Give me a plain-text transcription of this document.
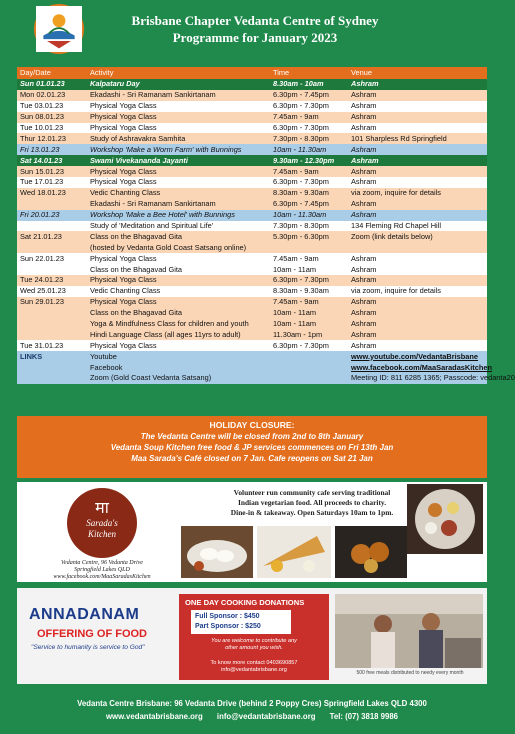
Brisbane Chapter Vedanta Centre of Sydney
Programme for January 2023
Day/Date	Activity	Time	Venue
Sun 01.01.23	Kalpataru Day	8.30am - 10am	Ashram
Mon 02.01.23	Ekadashi - Sri Ramanam Sankirtanam	6.30pm - 7.45pm	Ashram
Tue 03.01.23	Physical Yoga Class	6.30pm - 7.30pm	Ashram
Sun 08.01.23	Physical Yoga Class	7.45am - 9am	Ashram
Tue 10.01.23	Physical Yoga Class	6.30pm - 7.30pm	Ashram
Thur 12.01.23	Study of Ashravakra Samhita	7.30pm - 8.30pm	101 Sharpless Rd Springfield
Fri 13.01.23	Workshop 'Make a Worm Farm' with Bunnings	10am - 11.30am	Ashram
Sat 14.01.23	Swami Vivekananda Jayanti	9.30am - 12.30pm	Ashram
Sun 15.01.23	Physical Yoga Class	7.45am - 9am	Ashram
Tue 17.01.23	Physical Yoga Class	6.30pm - 7.30pm	Ashram
Wed 18.01.23	Vedic Chanting Class	8.30am - 9.30am	via zoom, inquire for details
	Ekadashi - Sri Ramanam Sankirtanam	6.30pm - 7.45pm	Ashram
Fri 20.01.23	Workshop 'Make a Bee Hotel' with Bunnings	10am - 11.30am	Ashram
	Study of 'Meditation and Spiritual Life'	7.30pm - 8.30pm	134 Fleming Rd Chapel Hill
Sat 21.01.23	Class on the Bhagavad Gita	5.30pm - 6.30pm	Zoom (link details below)
	(hosted by Vedanta Gold Coast Satsang online)		
Sun 22.01.23	Physical Yoga Class	7.45am - 9am	Ashram
	Class on the Bhagavad Gita	10am - 11am	Ashram
Tue 24.01.23	Physical Yoga Class	6.30pm - 7.30pm	Ashram
Wed 25.01.23	Vedic Chanting Class	8.30am - 9.30am	via zoom, inquire for details
Sun 29.01.23	Physical Yoga Class	7.45am - 9am	Ashram
	Class on the Bhagavad Gita	10am - 11am	Ashram
	Yoga & Mindfulness Class for children and youth	10am - 11am	Ashram
	Hindi Language Class (all ages 11yrs to adult)	11.30am - 1pm	Ashram
Tue 31.01.23	Physical Yoga Class	6.30pm - 7.30pm	Ashram
LINKS	Youtube		www.youtube.com/VedantaBrisbane
	Facebook		www.facebook.com/MaaSaradasKitchen
	Zoom (Gold Coast Vedanta Satsang)		Meeting ID: 811 6285 1365; Passcode: vedanta20
HOLIDAY CLOSURE:
The Vedanta Centre will be closed from 2nd to 8th January
Vedanta Soup Kitchen free food & JP services commences on Fri 13th Jan
Maa Sarada's Café closed on 7 Jan. Cafe reopens on Sat 21 Jan
मा
Sarada's
Kitchen
Vedanta Centre, 96 Vedanta Drive
Springfield Lakes QLD
www.facebook.com/MaaSaradasKitchen
Volunteer run community cafe serving traditional
Indian vegetarian food. All proceeds to charity.
Dine-in & takeaway. Open Saturdays 10am to 1pm.
ANNADANAM
OFFERING OF FOOD
"Service to humanity is service to God"
ONE DAY COOKING DONATIONS
Full Sponsor : $450
Part Sponsor : $250
You are welcome to contribute any
other amount you wish.
To know more contact 0403690857
info@vedantabrisbane.org	500 free meals distributed to needy every month
Vedanta Centre Brisbane: 96 Vedanta Drive (behind 2 Poppy Cres) Springfield Lakes QLD 4300
www.vedantabrisbane.org info@vedantabrisbane.org Tel: (07) 3818 9986
